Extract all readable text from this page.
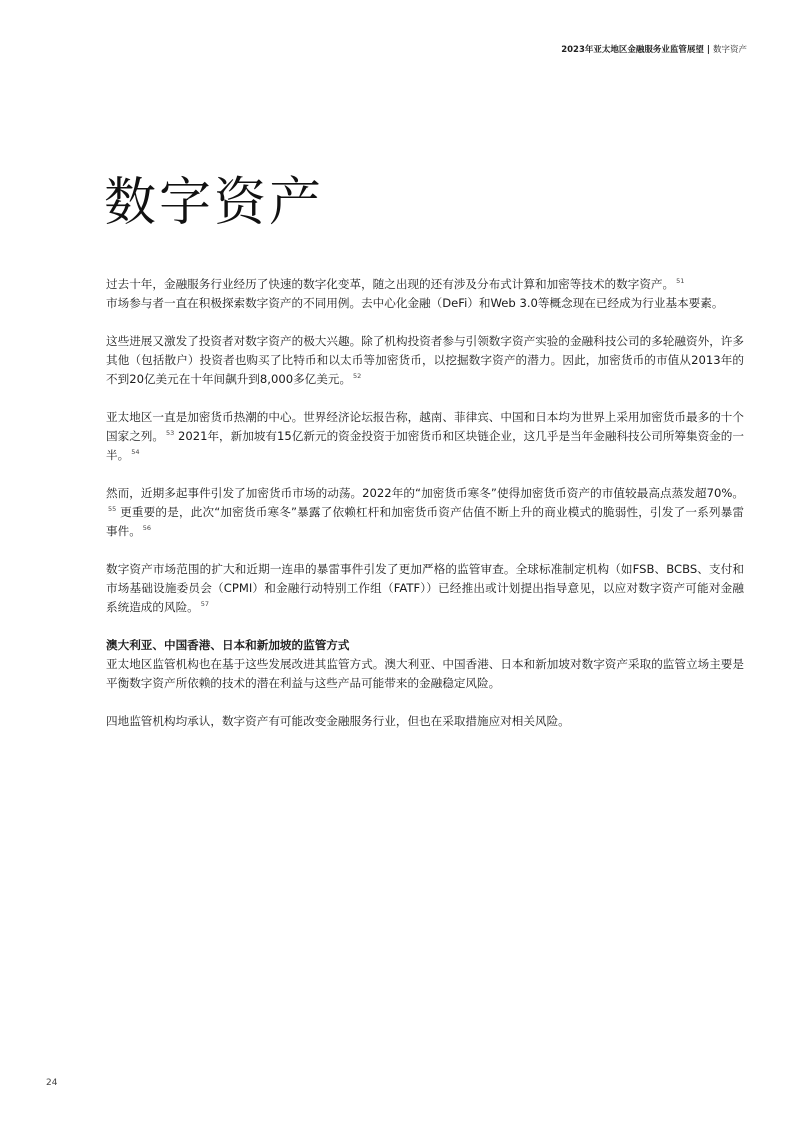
2023年亚太地区金融服务业监管展望 | 数字资产
数字资产

过去十年，金融服务行业经历了快速的数字化变革，随之出现的还有涉及分布式计算和加密等技术的数字资产。 $^{51}$
市场参与者一直在积极探索数字资产的不同用例。去中心化金融（DeFi）和Web 3.0等概念现在已经成为行业基本要素。

这些进展又激发了投资者对数字资产的极大兴趣。除了机构投资者参与引领数字资产实验的金融科技公司的多轮融资外，许多其他（包括散户）投资者也购买了比特币和以太币等加密货币，以挖掘数字资产的潜力。因此，加密货币的市值从2013年的不到20亿美元在十年间飙升到8,000多亿美元。 $^{52}$

亚太地区一直是加密货币热潮的中心。世界经济论坛报告称，越南、菲律宾、中国和日本均为世界上采用加密货币最多的十个国家之列。 $^{53}$ 2021年，新加坡有15亿新元的资金投资于加密货币和区块链企业，这几乎是当年金融科技公司所筹集资金的一半。 $^{54}$

然而，近期多起事件引发了加密货币市场的动荡。2022年的“加密货币寒冬”使得加密货币资产的市值较最高点蒸发超70%。$^{55}$ 更重要的是，此次“加密货币寒冬”暴露了依赖杠杆和加密货币资产估值不断上升的商业模式的脆弱性，引发了一系列暴雷事件。 $^{56}$

数字资产市场范围的扩大和近期一连串的暴雷事件引发了更加严格的监管审查。全球标准制定机构（如FSB、BCBS、支付和市场基础设施委员会（CPMI）和金融行动特别工作组（FATF））已经推出或计划提出指导意见，以应对数字资产可能对金融系统造成的风险。 $^{57}$

澳大利亚、中国香港、日本和新加坡的监管方式

亚太地区监管机构也在基于这些发展改进其监管方式。澳大利亚、中国香港、日本和新加坡对数字资产采取的监管立场主要是平衡数字资产所依赖的技术的潜在利益与这些产品可能带来的金融稳定风险。

四地监管机构均承认，数字资产有可能改变金融服务行业，但也在采取措施应对相关风险。

24
